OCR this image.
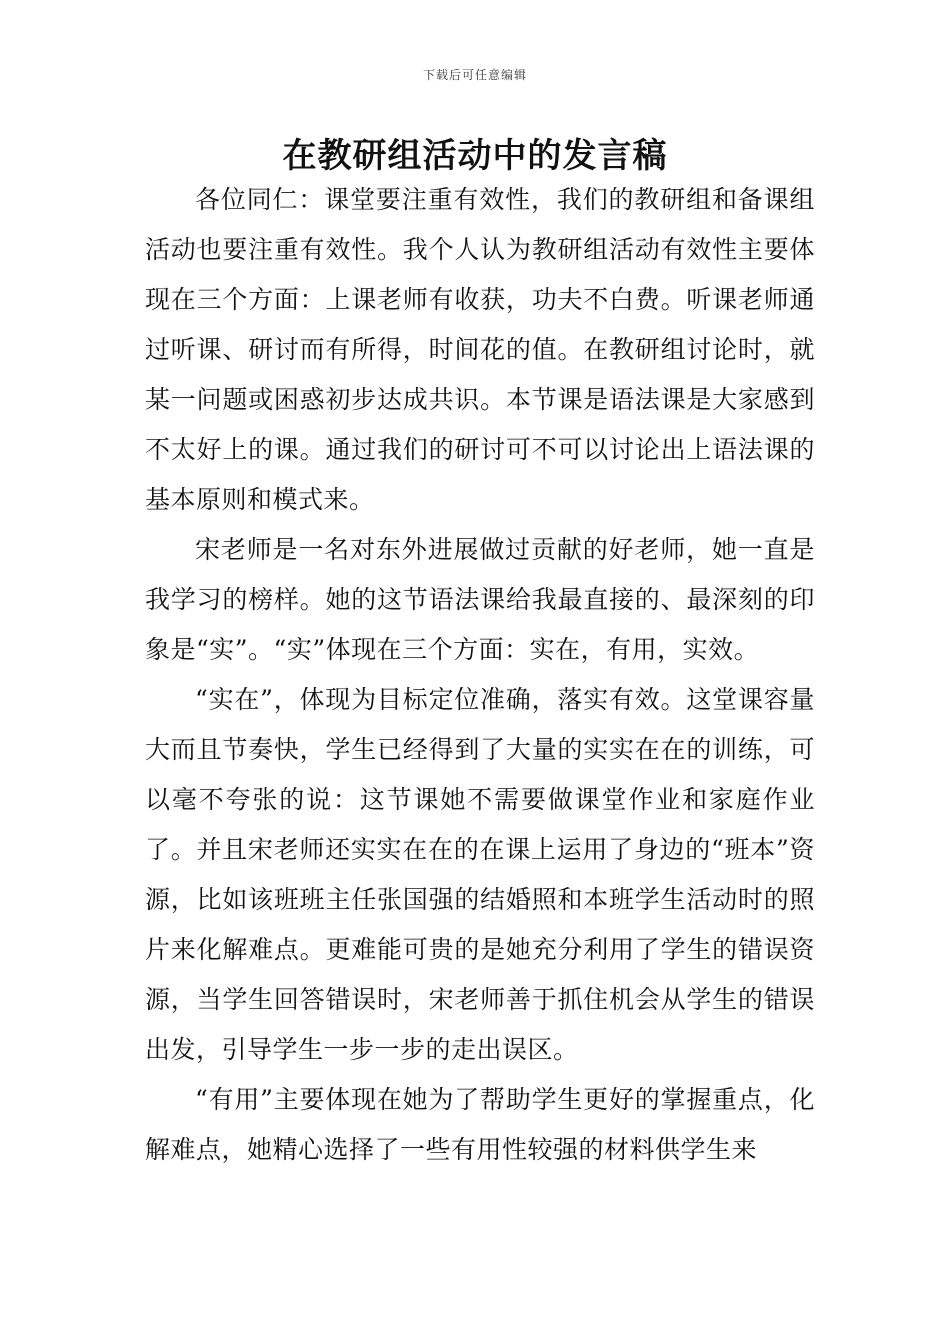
下载后可任意编辑
在教研组活动中的发言稿

各位同仁：课堂要注重有效性，我们的教研组和备课组活动也要注重有效性。我个人认为教研组活动有效性主要体现在三个方面：上课老师有收获，功夫不白费。听课老师通过听课、研讨而有所得，时间花的值。在教研组讨论时，就某一问题或困惑初步达成共识。本节课是语法课是大家感到不太好上的课。通过我们的研讨可不可以讨论出上语法课的基本原则和模式来。

宋老师是一名对东外进展做过贡献的好老师，她一直是我学习的榜样。她的这节语法课给我最直接的、最深刻的印象是“实”。“实”体现在三个方面：实在，有用，实效。

“实在”，体现为目标定位准确，落实有效。这堂课容量大而且节奏快，学生已经得到了大量的实实在在的训练，可以毫不夸张的说：这节课她不需要做课堂作业和家庭作业了。并且宋老师还实实在在的在课上运用了身边的“班本”资源，比如该班班主任张国强的结婚照和本班学生活动时的照片来化解难点。更难能可贵的是她充分利用了学生的错误资源，当学生回答错误时，宋老师善于抓住机会从学生的错误出发，引导学生一步一步的走出误区。

“有用”主要体现在她为了帮助学生更好的掌握重点，化解难点，她精心选择了一些有用性较强的材料供学生来
